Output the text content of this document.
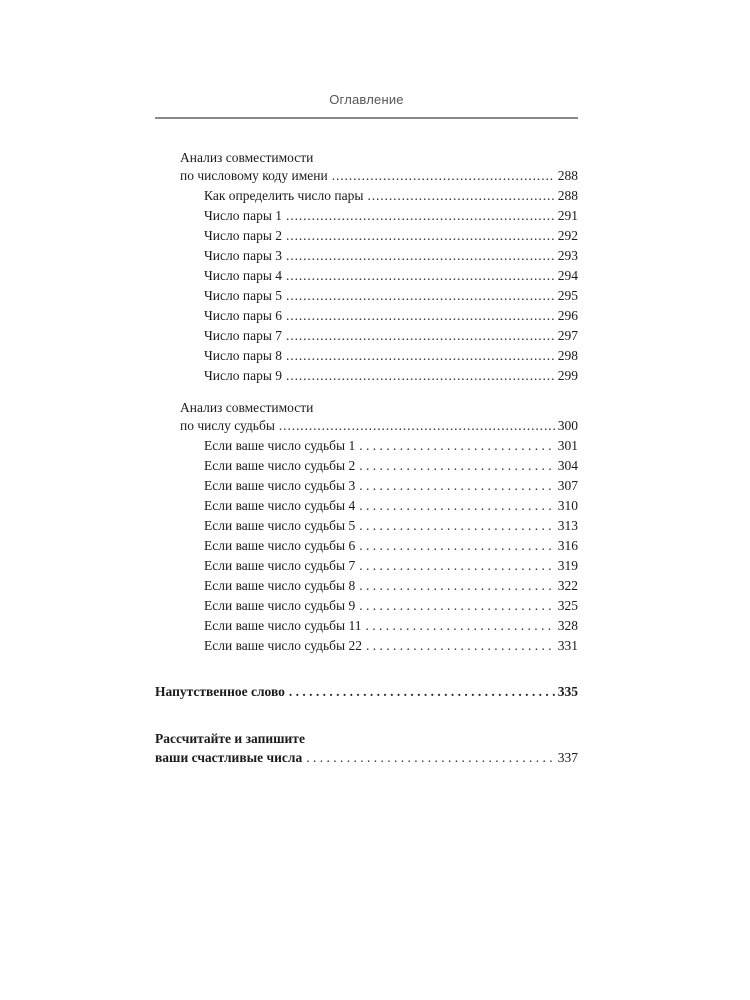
Оглавление
Анализ совместимости
по числовому коду имени .....	288
Как определить число пары .....	288
Число пары 1 .....	291
Число пары 2 .....	292
Число пары 3 .....	293
Число пары 4 .....	294
Число пары 5 .....	295
Число пары 6 .....	296
Число пары 7 .....	297
Число пары 8 .....	298
Число пары 9 .....	299
Анализ совместимости
по числу судьбы .....	300
Если ваше число судьбы 1 . . .	301
Если ваше число судьбы 2 . . .	304
Если ваше число судьбы 3 . . .	307
Если ваше число судьбы 4 . . .	310
Если ваше число судьбы 5 . . .	313
Если ваше число судьбы 6 . . .	316
Если ваше число судьбы 7 . . .	319
Если ваше число судьбы 8 . . .	322
Если ваше число судьбы 9 . . .	325
Если ваше число судьбы 11 . . .	328
Если ваше число судьбы 22 . . .	331
Напутственное слово . . .	335
Рассчитайте и запишите
ваши счастливые числа . . .	337
